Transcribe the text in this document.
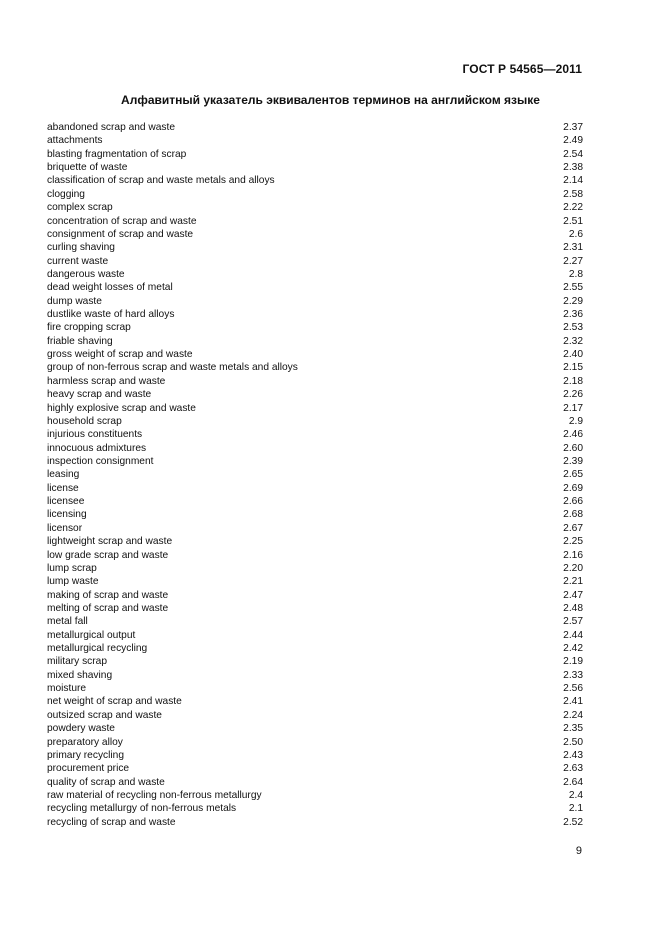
ГОСТ Р 54565—2011
Алфавитный указатель эквивалентов терминов на английском языке
abandoned scrap and waste	2.37
attachments	2.49
blasting fragmentation of scrap	2.54
briquette of waste	2.38
classification of scrap and waste metals and alloys	2.14
clogging	2.58
complex scrap	2.22
concentration of scrap and waste	2.51
consignment of scrap and waste	2.6
curling shaving	2.31
current waste	2.27
dangerous waste	2.8
dead weight losses of metal	2.55
dump waste	2.29
dustlike waste of hard alloys	2.36
fire cropping scrap	2.53
friable shaving	2.32
gross weight of scrap and waste	2.40
group of non-ferrous scrap and waste metals and alloys	2.15
harmless scrap and waste	2.18
heavy scrap and waste	2.26
highly explosive scrap and waste	2.17
household scrap	2.9
injurious constituents	2.46
innocuous admixtures	2.60
inspection consignment	2.39
leasing	2.65
license	2.69
licensee	2.66
licensing	2.68
licensor	2.67
lightweight scrap and waste	2.25
low grade scrap and waste	2.16
lump scrap	2.20
lump waste	2.21
making of scrap and waste	2.47
melting of scrap and waste	2.48
metal fall	2.57
metallurgical output	2.44
metallurgical recycling	2.42
military scrap	2.19
mixed shaving	2.33
moisture	2.56
net weight of scrap and waste	2.41
outsized scrap and waste	2.24
powdery waste	2.35
preparatory alloy	2.50
primary recycling	2.43
procurement price	2.63
quality of scrap and waste	2.64
raw material of recycling non-ferrous metallurgy	2.4
recycling metallurgy of non-ferrous metals	2.1
recycling of scrap and waste	2.52
9
